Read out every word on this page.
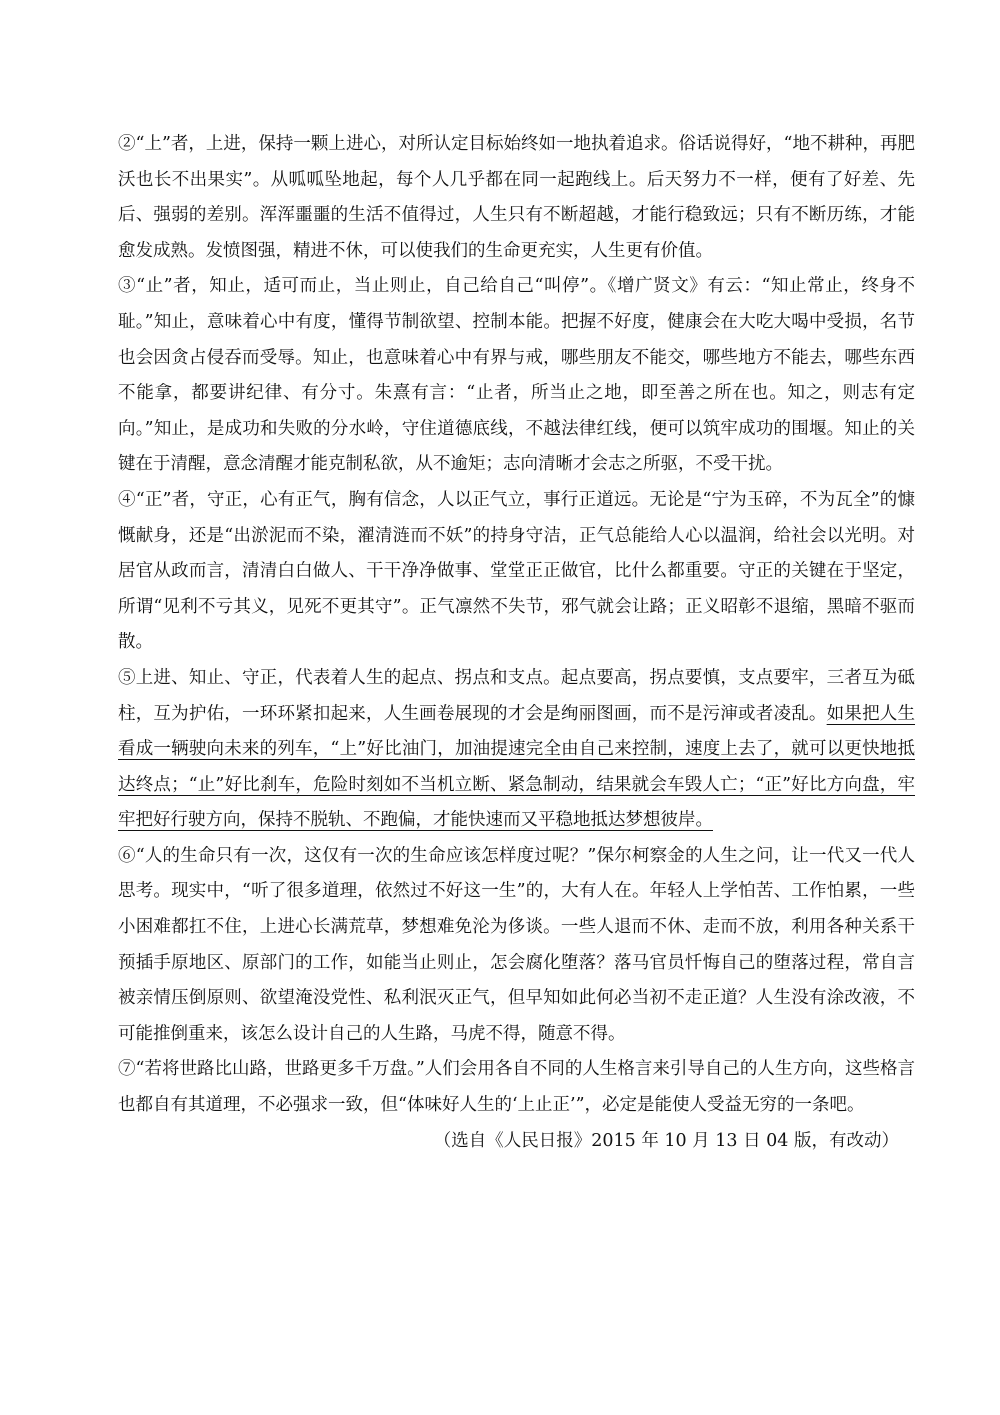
②“上”者，上进，保持一颗上进心，对所认定目标始终如一地执着追求。俗话说得好，“地不耕种，再肥沃也长不出果实”。从呱呱坠地起，每个人几乎都在同一起跑线上。后天努力不一样，便有了好差、先后、强弱的差别。浑浑噩噩的生活不值得过，人生只有不断超越，才能行稳致远；只有不断历练，才能愈发成熟。发愤图强，精进不休，可以使我们的生命更充实，人生更有价值。

③“止”者，知止，适可而止，当止则止，自己给自己“叫停”。《增广贤文》有云：“知止常止，终身不耻。”知止，意味着心中有度，懂得节制欲望、控制本能。把握不好度，健康会在大吃大喝中受损，名节也会因贪占侵吞而受辱。知止，也意味着心中有界与戒，哪些朋友不能交，哪些地方不能去，哪些东西不能拿，都要讲纪律、有分寸。朱熹有言：“止者，所当止之地，即至善之所在也。知之，则志有定向。”知止，是成功和失败的分水岭，守住道德底线，不越法律红线，便可以筑牢成功的围堰。知止的关键在于清醒，意念清醒才能克制私欲，从不逾矩；志向清晰才会志之所驱，不受干扰。

④“正”者，守正，心有正气，胸有信念，人以正气立，事行正道远。无论是“宁为玉碎，不为瓦全”的慷慨献身，还是“出淤泥而不染，濯清涟而不妖”的持身守洁，正气总能给人心以温润，给社会以光明。对居官从政而言，清清白白做人、干干净净做事、堂堂正正做官，比什么都重要。守正的关键在于坚定，所谓“见利不亏其义，见死不更其守”。正气凛然不失节，邪气就会让路；正义昭彰不退缩，黑暗不驱而散。

⑤上进、知止、守正，代表着人生的起点、拐点和支点。起点要高，拐点要慎，支点要牢，三者互为砥柱，互为护佑，一环环紧扣起来，人生画卷展现的才会是绚丽图画，而不是污渖或者凌乱。如果把人生看成一辆驶向未来的列车，“上”好比油门，加油提速完全由自己来控制，速度上去了，就可以更快地抵达终点；“止”好比刹车，危险时刻如不当机立断、紧急制动，结果就会车毁人亡；“正”好比方向盘，牢牢把好行驶方向，保持不脱轨、不跑偏，才能快速而又平稳地抵达梦想彼岸。

⑥“人的生命只有一次，这仅有一次的生命应该怎样度过呢？”保尔柯察金的人生之问，让一代又一代人思考。现实中，“听了很多道理，依然过不好这一生”的，大有人在。年轻人上学怕苦、工作怕累，一些小困难都扛不住，上进心长满荒草，梦想难免沦为侈谈。一些人退而不休、走而不放，利用各种关系干预插手原地区、原部门的工作，如能当止则止，怎会腐化堕落？落马官员忏悔自己的堕落过程，常自言被亲情压倒原则、欲望淹没党性、私利泯灭正气，但早知如此何必当初不走正道？人生没有涂改液，不可能推倒重来，该怎么设计自己的人生路，马虎不得，随意不得。

⑦“若将世路比山路，世路更多千万盘。”人们会用各自不同的人生格言来引导自己的人生方向，这些格言也都自有其道理，不必强求一致，但“体味好人生的‘上止正’”，必定是能使人受益无穷的一条吧。

（选自《人民日报》2015 年 10 月 13 日 04 版，有改动）
